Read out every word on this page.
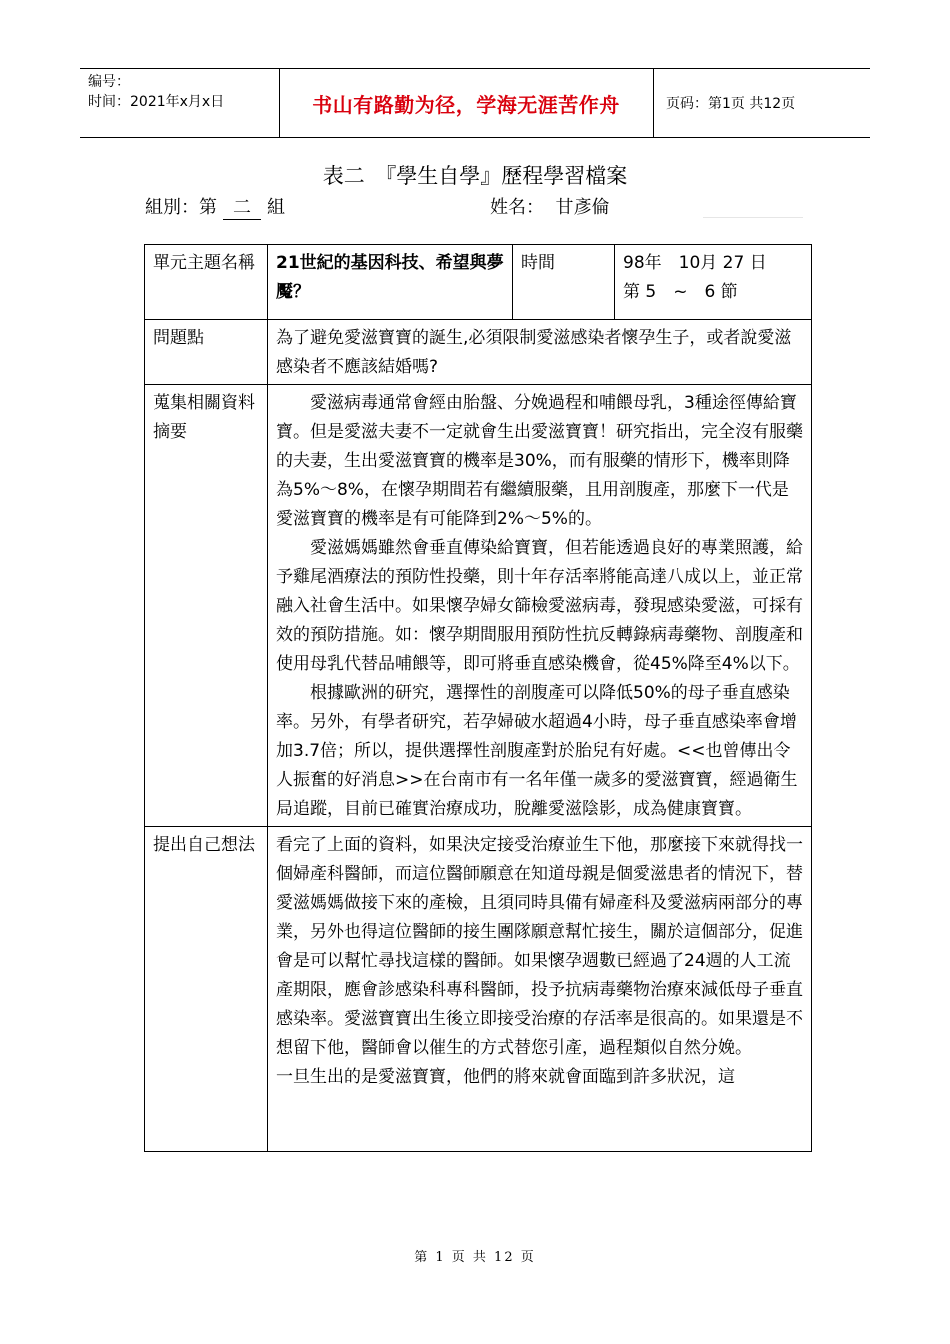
编号：
时间：2021年x月x日	书山有路勤为径，学海无涯苦作舟	页码：第1页 共12页
表二　『學生自學』歷程學習檔案
組別：第 二 組	姓名： 甘彥倫
單元主題名稱	21世紀的基因科技、希望與夢魘？	時間	98年　10月 27 日
第 5　~　6 節

問題點	為了避免愛滋寶寶的誕生,必須限制愛滋感染者懷孕生子，或者說愛滋感染者不應該結婚嗎?		
蒐集相關資料摘要	愛滋病毒通常會經由胎盤、分娩過程和哺餵母乳，3種途徑傳給寶寶。但是愛滋夫妻不一定就會生出愛滋寶寶！研究指出，完全沒有服藥的夫妻，生出愛滋寶寶的機率是30%，而有服藥的情形下，機率則降為5%～8%，在懷孕期間若有繼續服藥，且用剖腹產，那麼下一代是愛滋寶寶的機率是有可能降到2%～5%的。

愛滋媽媽雖然會垂直傳染給寶寶，但若能透過良好的專業照護，給予雞尾酒療法的預防性投藥，則十年存活率將能高達八成以上，並正常融入社會生活中。如果懷孕婦女篩檢愛滋病毒，發現感染愛滋，可採有效的預防措施。如：懷孕期間服用預防性抗反轉錄病毒藥物、剖腹產和使用母乳代替品哺餵等，即可將垂直感染機會，從45%降至4%以下。

根據歐洲的研究，選擇性的剖腹產可以降低50%的母子垂直感染率。另外，有學者研究，若孕婦破水超過4小時，母子垂直感染率會增加3.7倍；所以，提供選擇性剖腹產對於胎兒有好處。<<也曾傳出令人振奮的好消息>>在台南市有一名年僅一歲多的愛滋寶寶，經過衛生局追蹤，目前已確實治療成功，脫離愛滋陰影，成為健康寶寶。		

提出自己想法	看完了上面的資料，如果決定接受治療並生下他，那麼接下來就得找一個婦產科醫師，而這位醫師願意在知道母親是個愛滋患者的情況下，替愛滋媽媽做接下來的產檢，且須同時具備有婦產科及愛滋病兩部分的專業，另外也得這位醫師的接生團隊願意幫忙接生，關於這個部分，促進會是可以幫忙尋找這樣的醫師。如果懷孕週數已經過了24週的人工流產期限，應會診感染科專科醫師，投予抗病毒藥物治療來減低母子垂直感染率。愛滋寶寶出生後立即接受治療的存活率是很高的。如果還是不想留下他，醫師會以催生的方式替您引產，過程類似自然分娩。

一旦生出的是愛滋寶寶，他們的將來就會面臨到許多狀況，這		

第 1 页 共 12 页
